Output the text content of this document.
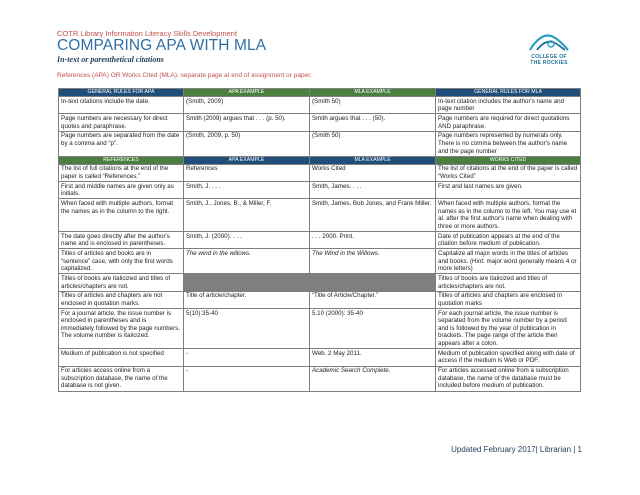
COTR Library Information Literacy Skills Development
COMPARING APA WITH MLA
In-text or parenthetical citations
References (APA) OR Works Cited (MLA): separate page at end of assignment or paper.
COLLEGE OF
THE ROCKIES
GENERAL RULES FOR APA	APA EXAMPLE	MLA EXAMPLE	GENERAL RULES FOR MLA
In-text citations include the date.	(Smith, 2009)	(Smith 50)	In-text citation includes the author's name and page number
Page numbers are necessary for direct quotes and paraphrase.	Smith (2009) argues that . . . (p. 50).	Smith argues that . . . (50).	Page numbers are required for direct quotations AND paraphrase.
Page numbers are separated from the date by a comma and “p”.	(Smith, 2009, p. 50)	(Smith 50)	Page numbers represented by numerals only. There is no comma between the author's name and the page number
REFERENCES	APA EXAMPLE	MLA EXAMPLE	WORKS CITED
The list of full citations at the end of the paper is called “References.”	References	Works Cited	The list of citations at the end of the paper is called “Works Cited”
First and middle names are given only as initials.	Smith, J. . . .	Smith, James. . . .	First and last names are given.
When faced with multiple authors, format the names as in the column to the right.	Smith, J., Jones, B., & Miller, F.	Smith, James, Bob Jones, and Frank Miller.	When faced with multiple authors, format the names as in the column to the left. You may use et al. after the first author's name when dealing with three or more authors.
The date goes directly after the author's name and is enclosed in parentheses.	Smith, J. (2000). . . .	. . . 2000. Print.	Date of publication appears at the end of the citation before medium of publication.
Titles of articles and books are in “sentence” case, with only the first words capitalized.	The wind in the willows.	The Wind in the Willows.	Capitalize all major words in the titles of articles and books. (Hint: major word generally means 4 or more letters)
Titles of books are italicized and titles of articles/chapters are not.			Titles of books are italicized and titles of articles/chapters are not.
Titles of articles and chapters are not enclosed in quotation marks.	Title of article/chapter.	“Title of Article/Chapter.”	Titles of articles and chapters are enclosed in quotation marks
For a journal article, the issue number is enclosed in parentheses and is immediately followed by the page numbers. The volume number is italicized.	5(10):35-40	5.10 (2000): 35-40	For each journal article, the issue number is separated from the volume number by a period and is followed by the year of publication in brackets. The page range of the article then appears after a colon.
Medium of publication is not specified	-	Web. 2 May 2011.	Medium of publication specified along with date of access if the medium is Web or PDF.
For articles access online from a subscription database, the name of the database is not given.	-	Academic Search Complete.	For articles accessed online from a subscription database, the name of the database must be included before medium of publication.
Updated February 2017| Librarian | 1
